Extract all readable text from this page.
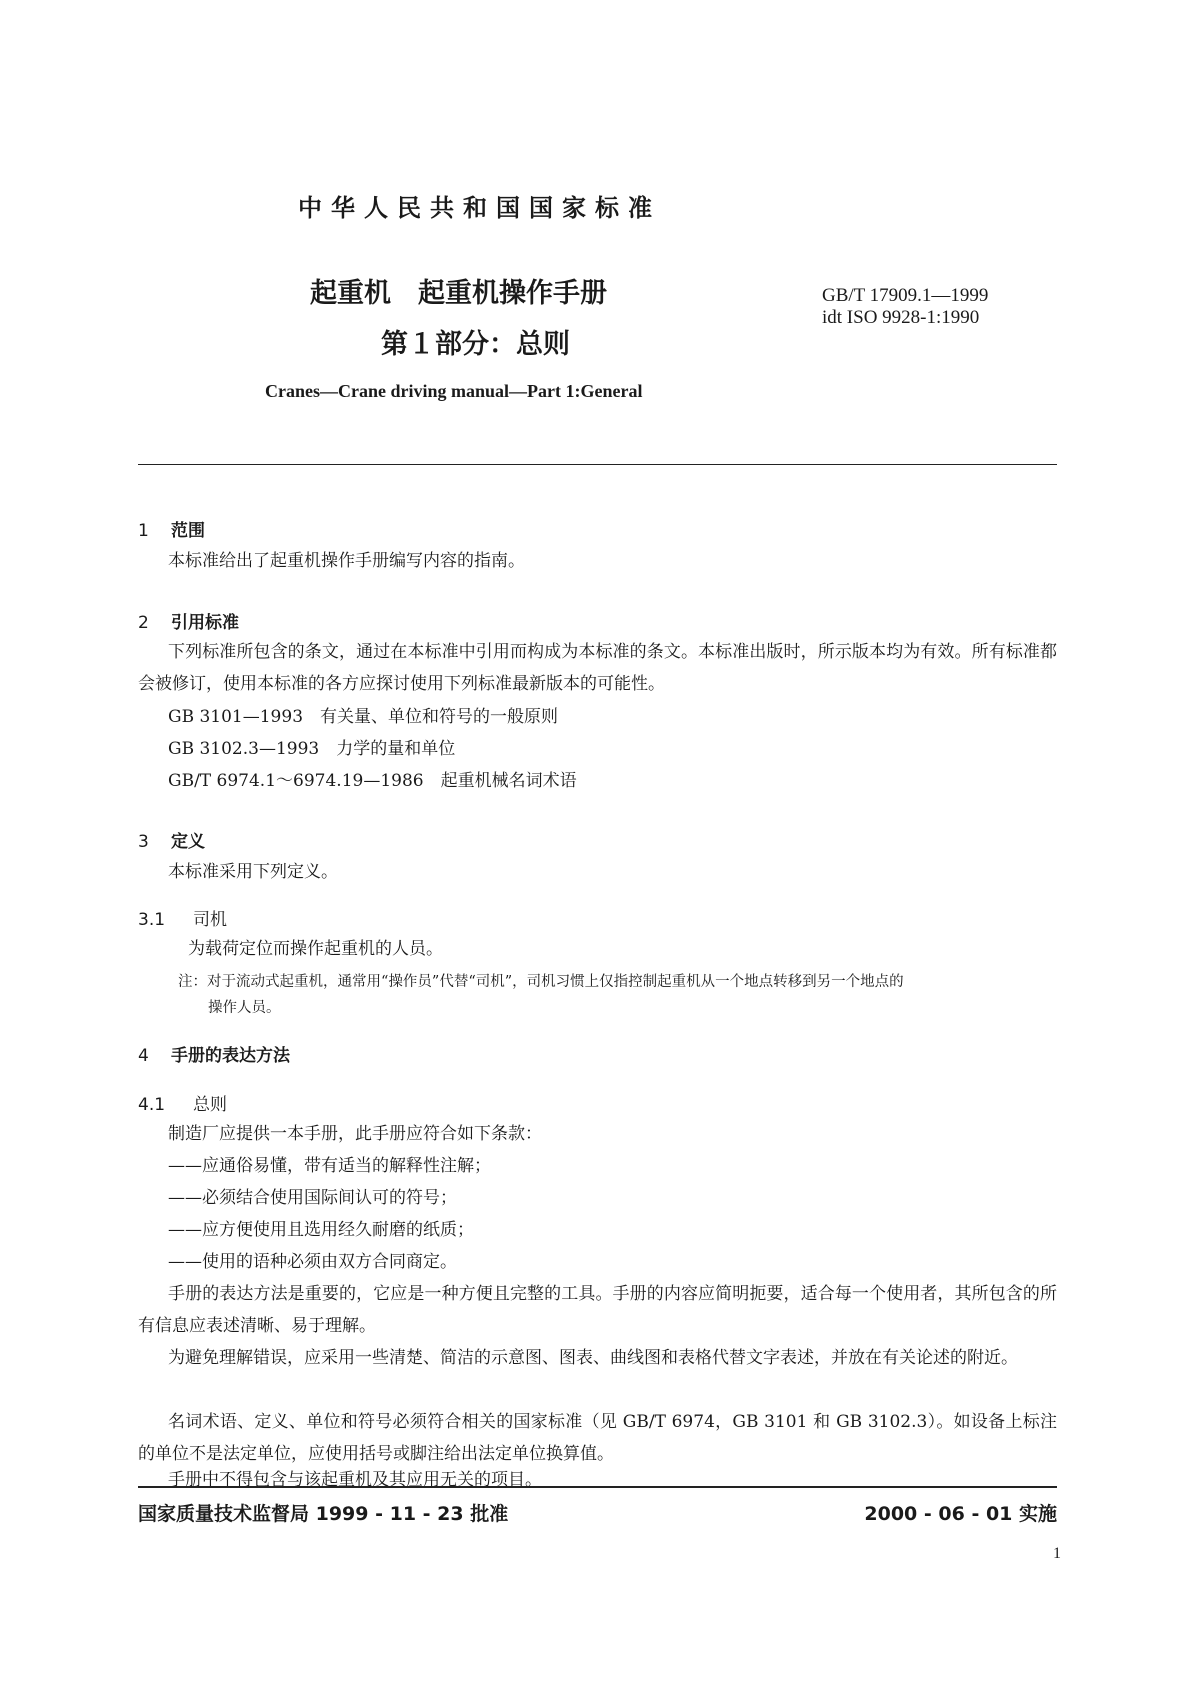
中华人民共和国国家标准
起重机　起重机操作手册
第１部分：总则
GB/T 17909.1—1999
idt ISO 9928-1:1990
Cranes—Crane driving manual—Part 1:General
1 范围
本标准给出了起重机操作手册编写内容的指南。
2 引用标准
下列标准所包含的条文，通过在本标准中引用而构成为本标准的条文。本标准出版时，所示版本均为有效。所有标准都会被修订，使用本标准的各方应探讨使用下列标准最新版本的可能性。
GB 3101—1993　有关量、单位和符号的一般原则
GB 3102.3—1993　力学的量和单位
GB/T 6974.1～6974.19—1986　起重机械名词术语
3 定义
本标准采用下列定义。
3.1 司机
为载荷定位而操作起重机的人员。
注：对于流动式起重机，通常用“操作员”代替“司机”，司机习惯上仅指控制起重机从一个地点转移到另一个地点的
操作人员。
4 手册的表达方法
4.1 总则
制造厂应提供一本手册，此手册应符合如下条款：
——应通俗易懂，带有适当的解释性注解；
——必须结合使用国际间认可的符号；
——应方便使用且选用经久耐磨的纸质；
——使用的语种必须由双方合同商定。
手册的表达方法是重要的，它应是一种方便且完整的工具。手册的内容应简明扼要，适合每一个使用者，其所包含的所有信息应表述清晰、易于理解。
为避免理解错误，应采用一些清楚、简洁的示意图、图表、曲线图和表格代替文字表述，并放在有关论述的附近。
名词术语、定义、单位和符号必须符合相关的国家标准（见 GB/T 6974，GB 3101 和 GB 3102.3）。如设备上标注的单位不是法定单位，应使用括号或脚注给出法定单位换算值。
手册中不得包含与该起重机及其应用无关的项目。
国家质量技术监督局 1999 - 11 - 23 批准	2000 - 06 - 01 实施
1
